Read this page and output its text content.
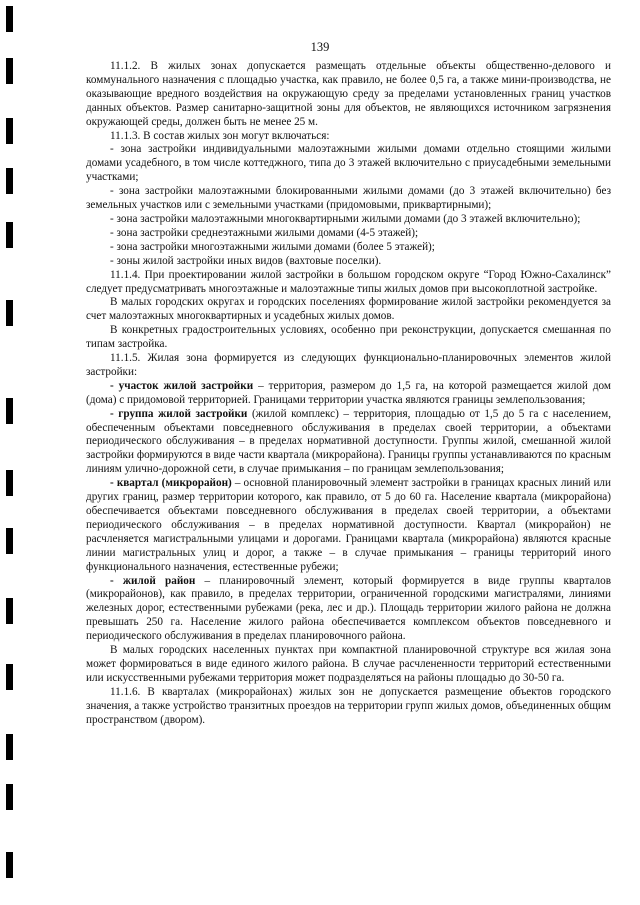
139

11.1.2. В жилых зонах допускается размещать отдельные объекты общественно-делового и коммунального назначения с площадью участка, как правило, не более 0,5 га, а также мини-производства, не оказывающие вредного воздействия на окружающую среду за пределами установленных границ участков данных объектов. Размер санитарно-защитной зоны для объектов, не являющихся источником загрязнения окружающей среды, должен быть не менее 25 м.

11.1.3. В состав жилых зон могут включаться:

- зона застройки индивидуальными малоэтажными жилыми домами отдельно стоящими жилыми домами усадебного, в том числе коттеджного, типа до 3 этажей включительно с приусадебными земельными участками;

- зона застройки малоэтажными блокированными жилыми домами (до 3 этажей включительно) без земельных участков или с земельными участками (придомовыми, приквартирными);

- зона застройки малоэтажными многоквартирными жилыми домами (до 3 этажей включительно);

- зона застройки среднеэтажными жилыми домами (4-5 этажей);

- зона застройки многоэтажными жилыми домами (более 5 этажей);

- зоны жилой застройки иных видов (вахтовые поселки).

11.1.4. При проектировании жилой застройки в большом городском округе “Город Южно-Сахалинск” следует предусматривать многоэтажные и малоэтажные типы жилых домов при высокоплотной застройке.

В малых городских округах и городских поселениях формирование жилой застройки рекомендуется за счет малоэтажных многоквартирных и усадебных жилых домов.

В конкретных градостроительных условиях, особенно при реконструкции, допускается смешанная по типам застройка.

11.1.5. Жилая зона формируется из следующих функционально-планировочных элементов жилой застройки:

- участок жилой застройки – территория, размером до 1,5 га, на которой размещается жилой дом (дома) с придомовой территорией. Границами территории участка являются границы землепользования;

- группа жилой застройки (жилой комплекс) – территория, площадью от 1,5 до 5 га с населением, обеспеченным объектами повседневного обслуживания в пределах своей территории, а объектами периодического обслуживания – в пределах нормативной доступности. Группы жилой, смешанной жилой застройки формируются в виде части квартала (микрорайона). Границы группы устанавливаются по красным линиям улично-дорожной сети, в случае примыкания – по границам землепользования;

- квартал (микрорайон) – основной планировочный элемент застройки в границах красных линий или других границ, размер территории которого, как правило, от 5 до 60 га. Население квартала (микрорайона) обеспечивается объектами повседневного обслуживания в пределах своей территории, а объектами периодического обслуживания – в пределах нормативной доступности. Квартал (микрорайон) не расчленяется магистральными улицами и дорогами. Границами квартала (микрорайона) являются красные линии магистральных улиц и дорог, а также – в случае примыкания – границы территорий иного функционального назначения, естественные рубежи;

- жилой район – планировочный элемент, который формируется в виде группы кварталов (микрорайонов), как правило, в пределах территории, ограниченной городскими магистралями, линиями железных дорог, естественными рубежами (река, лес и др.). Площадь территории жилого района не должна превышать 250 га. Население жилого района обеспечивается комплексом объектов повседневного и периодического обслуживания в пределах планировочного района.

В малых городских населенных пунктах при компактной планировочной структуре вся жилая зона может формироваться в виде единого жилого района. В случае расчлененности территорий естественными или искусственными рубежами территория может подразделяться на районы площадью до 30-50 га.

11.1.6. В кварталах (микрорайонах) жилых зон не допускается размещение объектов городского значения, а также устройство транзитных проездов на территории групп жилых домов, объединенных общим пространством (двором).
